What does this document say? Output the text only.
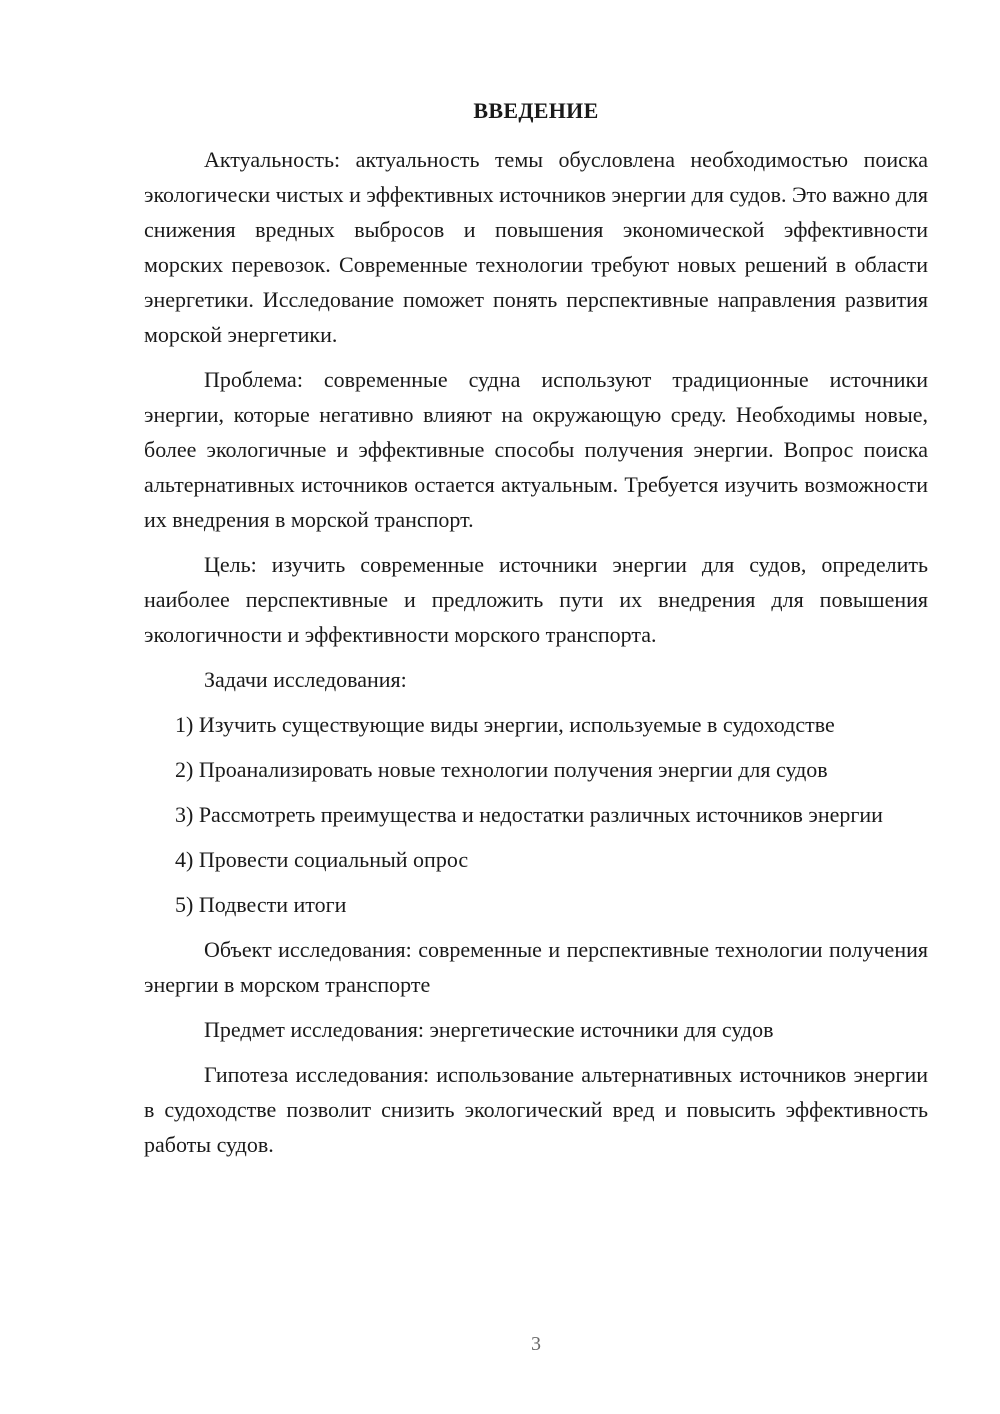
ВВЕДЕНИЕ

Актуальность: актуальность темы обусловлена необходимостью поиска экологически чистых и эффективных источников энергии для судов. Это важно для снижения вредных выбросов и повышения экономической эффективности морских перевозок. Современные технологии требуют новых решений в области энергетики. Исследование поможет понять перспективные направления развития морской энергетики.

Проблема: современные судна используют традиционные источники энергии, которые негативно влияют на окружающую среду. Необходимы новые, более экологичные и эффективные способы получения энергии. Вопрос поиска альтернативных источников остается актуальным. Требуется изучить возможности их внедрения в морской транспорт.

Цель: изучить современные источники энергии для судов, определить наиболее перспективные и предложить пути их внедрения для повышения экологичности и эффективности морского транспорта.

Задачи исследования:

1) Изучить существующие виды энергии, используемые в судоходстве

2) Проанализировать новые технологии получения энергии для судов

3) Рассмотреть преимущества и недостатки различных источников энергии

4) Провести социальный опрос

5) Подвести итоги

Объект исследования: современные и перспективные технологии получения энергии в морском транспорте

Предмет исследования: энергетические источники для судов

Гипотеза исследования: использование альтернативных источников энергии в судоходстве позволит снизить экологический вред и повысить эффективность работы судов.

3
